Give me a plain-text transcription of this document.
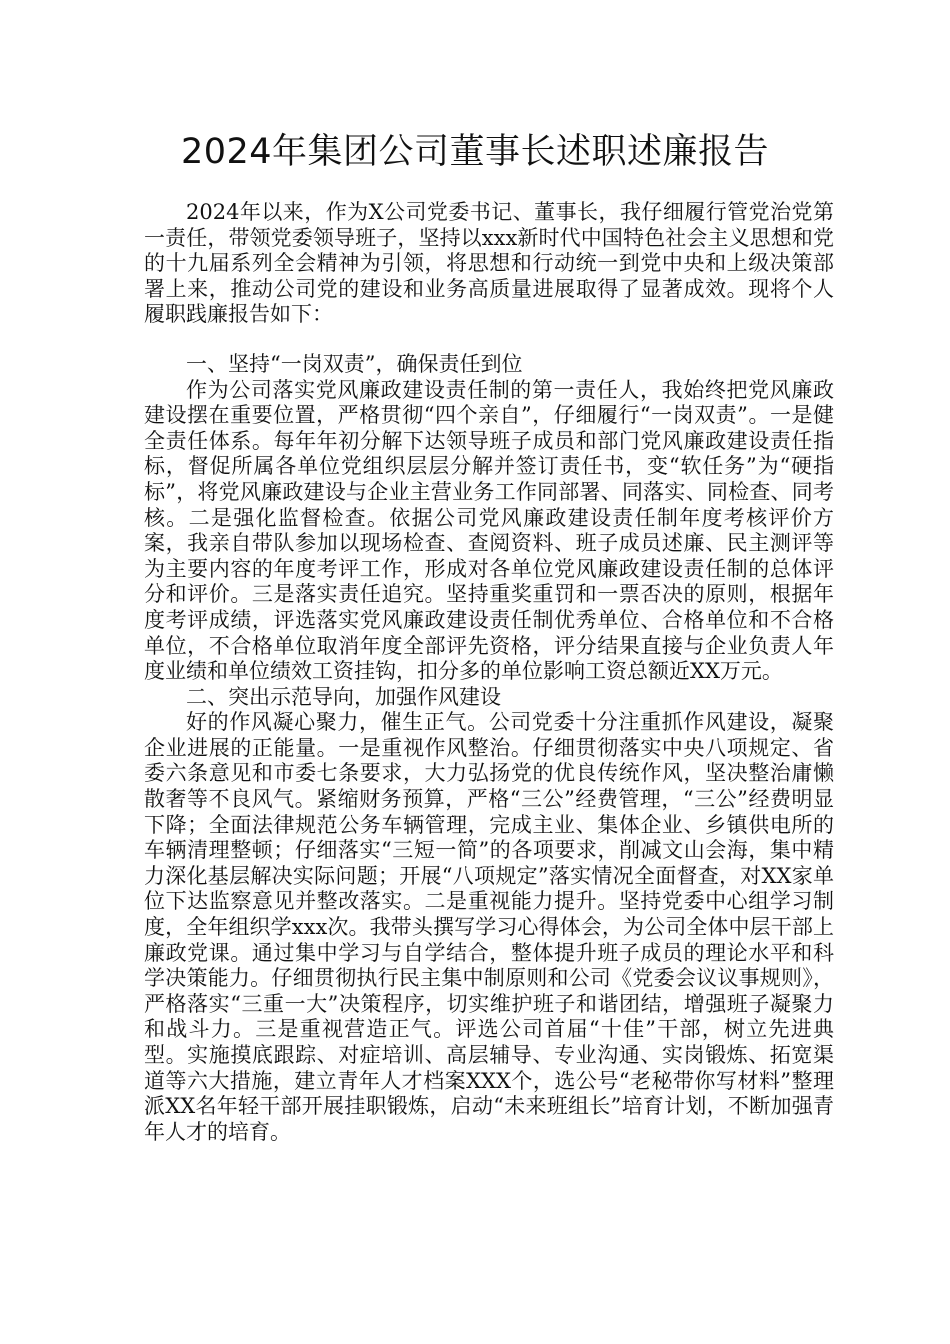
2024年集团公司董事长述职述廉报告

2024年以来，作为X公司党委书记、董事长，我仔细履行管党治党第一责任，带领党委领导班子，坚持以xxx新时代中国特色社会主义思想和党的十九届系列全会精神为引领，将思想和行动统一到党中央和上级决策部署上来，推动公司党的建设和业务高质量进展取得了显著成效。现将个人履职践廉报告如下：

一、坚持“一岗双责”，确保责任到位

作为公司落实党风廉政建设责任制的第一责任人，我始终把党风廉政建设摆在重要位置，严格贯彻“四个亲自”，仔细履行“一岗双责”。一是健全责任体系。每年年初分解下达领导班子成员和部门党风廉政建设责任指标，督促所属各单位党组织层层分解并签订责任书，变“软任务”为“硬指标”，将党风廉政建设与企业主营业务工作同部署、同落实、同检查、同考核。二是强化监督检查。依据公司党风廉政建设责任制年度考核评价方案，我亲自带队参加以现场检查、查阅资料、班子成员述廉、民主测评等为主要内容的年度考评工作，形成对各单位党风廉政建设责任制的总体评分和评价。三是落实责任追究。坚持重奖重罚和一票否决的原则，根据年度考评成绩，评选落实党风廉政建设责任制优秀单位、合格单位和不合格单位，不合格单位取消年度全部评先资格，评分结果直接与企业负责人年度业绩和单位绩效工资挂钩，扣分多的单位影响工资总额近XX万元。

二、突出示范导向，加强作风建设

好的作风凝心聚力，催生正气。公司党委十分注重抓作风建设，凝聚企业进展的正能量。一是重视作风整治。仔细贯彻落实中央八项规定、省委六条意见和市委七条要求，大力弘扬党的优良传统作风，坚决整治庸懒散奢等不良风气。紧缩财务预算，严格“三公”经费管理，“三公”经费明显下降；全面法律规范公务车辆管理，完成主业、集体企业、乡镇供电所的车辆清理整顿；仔细落实“三短一简”的各项要求，削减文山会海，集中精力深化基层解决实际问题；开展“八项规定”落实情况全面督查，对XX家单位下达监察意见并整改落实。二是重视能力提升。坚持党委中心组学习制度，全年组织学xxx次。我带头撰写学习心得体会，为公司全体中层干部上廉政党课。通过集中学习与自学结合，整体提升班子成员的理论水平和科学决策能力。仔细贯彻执行民主集中制原则和公司《党委会议议事规则》，严格落实“三重一大”决策程序，切实维护班子和谐团结，增强班子凝聚力和战斗力。三是重视营造正气。评选公司首届“十佳”干部，树立先进典型。实施摸底跟踪、对症培训、高层辅导、专业沟通、实岗锻炼、拓宽渠道等六大措施，建立青年人才档案XXX个，选公号“老秘带你写材料”整理派XX名年轻干部开展挂职锻炼，启动“未来班组长”培育计划，不断加强青年人才的培育。
